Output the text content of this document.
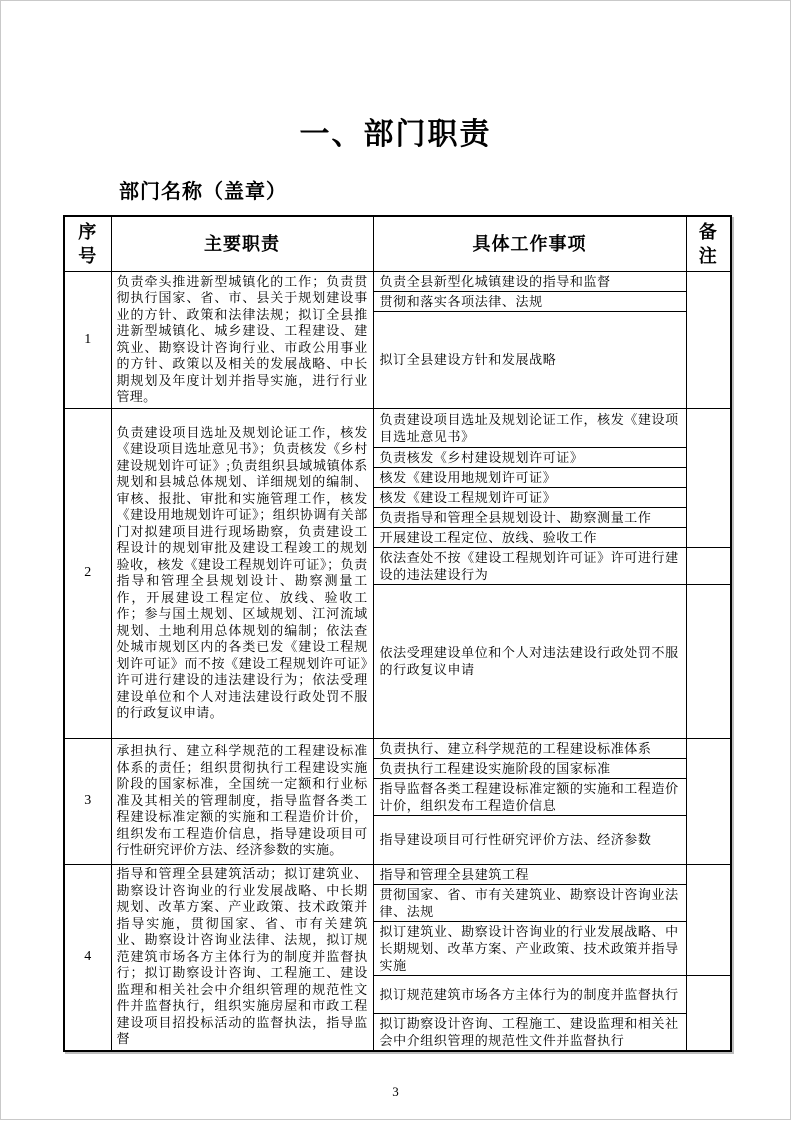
一、部门职责
部门名称（盖章）
序号	主要职责	具体工作事项	备注
1	负责牵头推进新型城镇化的工作；负责贯彻执行国家、省、市、县关于规划建设事业的方针、政策和法律法规；拟订全县推进新型城镇化、城乡建设、工程建设、建筑业、勘察设计咨询行业、市政公用事业的方针、政策以及相关的发展战略、中长期规划及年度计划并指导实施，进行行业管理。	负责全县新型化城镇建设的指导和监督	
		贯彻和落实各项法律、法规	
		拟订全县建设方针和发展战略	
2	负责建设项目选址及规划论证工作，核发《建设项目选址意见书》；负责核发《乡村建设规划许可证》;负责组织县域城镇体系规划和县城总体规划、详细规划的编制、审核、报批、审批和实施管理工作，核发《建设用地规划许可证》；组织协调有关部门对拟建项目进行现场勘察，负责建设工程设计的规划审批及建设工程竣工的规划验收，核发《建设工程规划许可证》；负责指导和管理全县规划设计、勘察测量工作，开展建设工程定位、放线、验收工作；参与国土规划、区域规划、江河流域规划、土地利用总体规划的编制；依法查处城市规划区内的各类已发《建设工程规划许可证》而不按《建设工程规划许可证》许可进行建设的违法建设行为；依法受理建设单位和个人对违法建设行政处罚不服的行政复议申请。	负责建设项目选址及规划论证工作，核发《建设项目选址意见书》	
		负责核发《乡村建设规划许可证》	
		核发《建设用地规划许可证》	
		核发《建设工程规划许可证》	
		负责指导和管理全县规划设计、勘察测量工作	
		开展建设工程定位、放线、验收工作	
		依法查处不按《建设工程规划许可证》许可进行建设的违法建设行为	
		依法受理建设单位和个人对违法建设行政处罚不服的行政复议申请	
3	承担执行、建立科学规范的工程建设标准体系的责任；组织贯彻执行工程建设实施阶段的国家标准，全国统一定额和行业标准及其相关的管理制度，指导监督各类工程建设标准定额的实施和工程造价计价，组织发布工程造价信息，指导建设项目可行性研究评价方法、经济参数的实施。	负责执行、建立科学规范的工程建设标准体系	
		负责执行工程建设实施阶段的国家标准	
		指导监督各类工程建设标准定额的实施和工程造价计价，组织发布工程造价信息	
		指导建设项目可行性研究评价方法、经济参数	
4	指导和管理全县建筑活动；拟订建筑业、勘察设计咨询业的行业发展战略、中长期规划、改革方案、产业政策、技术政策并指导实施，贯彻国家、省、市有关建筑业、勘察设计咨询业法律、法规，拟订规范建筑市场各方主体行为的制度并监督执行；拟订勘察设计咨询、工程施工、建设监理和相关社会中介组织管理的规范性文件并监督执行，组织实施房屋和市政工程建设项目招投标活动的监督执法，指导监督	指导和管理全县建筑工程	
		贯彻国家、省、市有关建筑业、勘察设计咨询业法律、法规	
		拟订建筑业、勘察设计咨询业的行业发展战略、中长期规划、改革方案、产业政策、技术政策并指导实施	
		拟订规范建筑市场各方主体行为的制度并监督执行	
		拟订勘察设计咨询、工程施工、建设监理和相关社会中介组织管理的规范性文件并监督执行	
3
